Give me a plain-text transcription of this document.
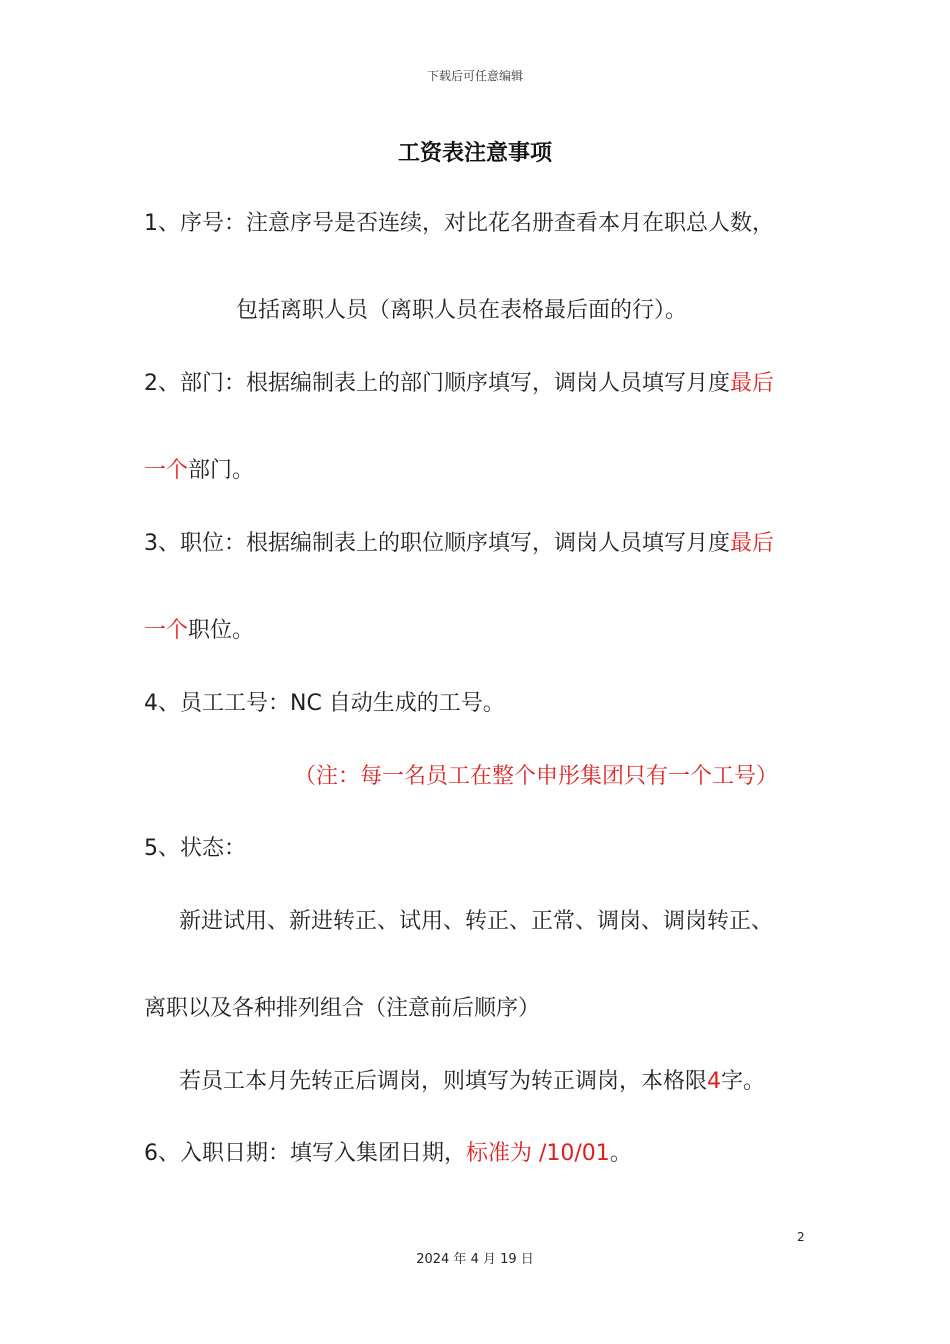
下载后可任意编辑
工资表注意事项
1、序号：注意序号是否连续，对比花名册查看本月在职总人数，
包括离职人员（离职人员在表格最后面的行）。
2、部门：根据编制表上的部门顺序填写，调岗人员填写月度最后
一个部门。
3、职位：根据编制表上的职位顺序填写，调岗人员填写月度最后
一个职位。
4、员工工号：NC 自动生成的工号。
（注：每一名员工在整个申彤集团只有一个工号）
5、状态：
新进试用、新进转正、试用、转正、正常、调岗、调岗转正、
离职以及各种排列组合（注意前后顺序）
若员工本月先转正后调岗，则填写为转正调岗，本格限4字。
6、入职日期：填写入集团日期，标准为 /10/01。
2
2024 年 4 月 19 日
